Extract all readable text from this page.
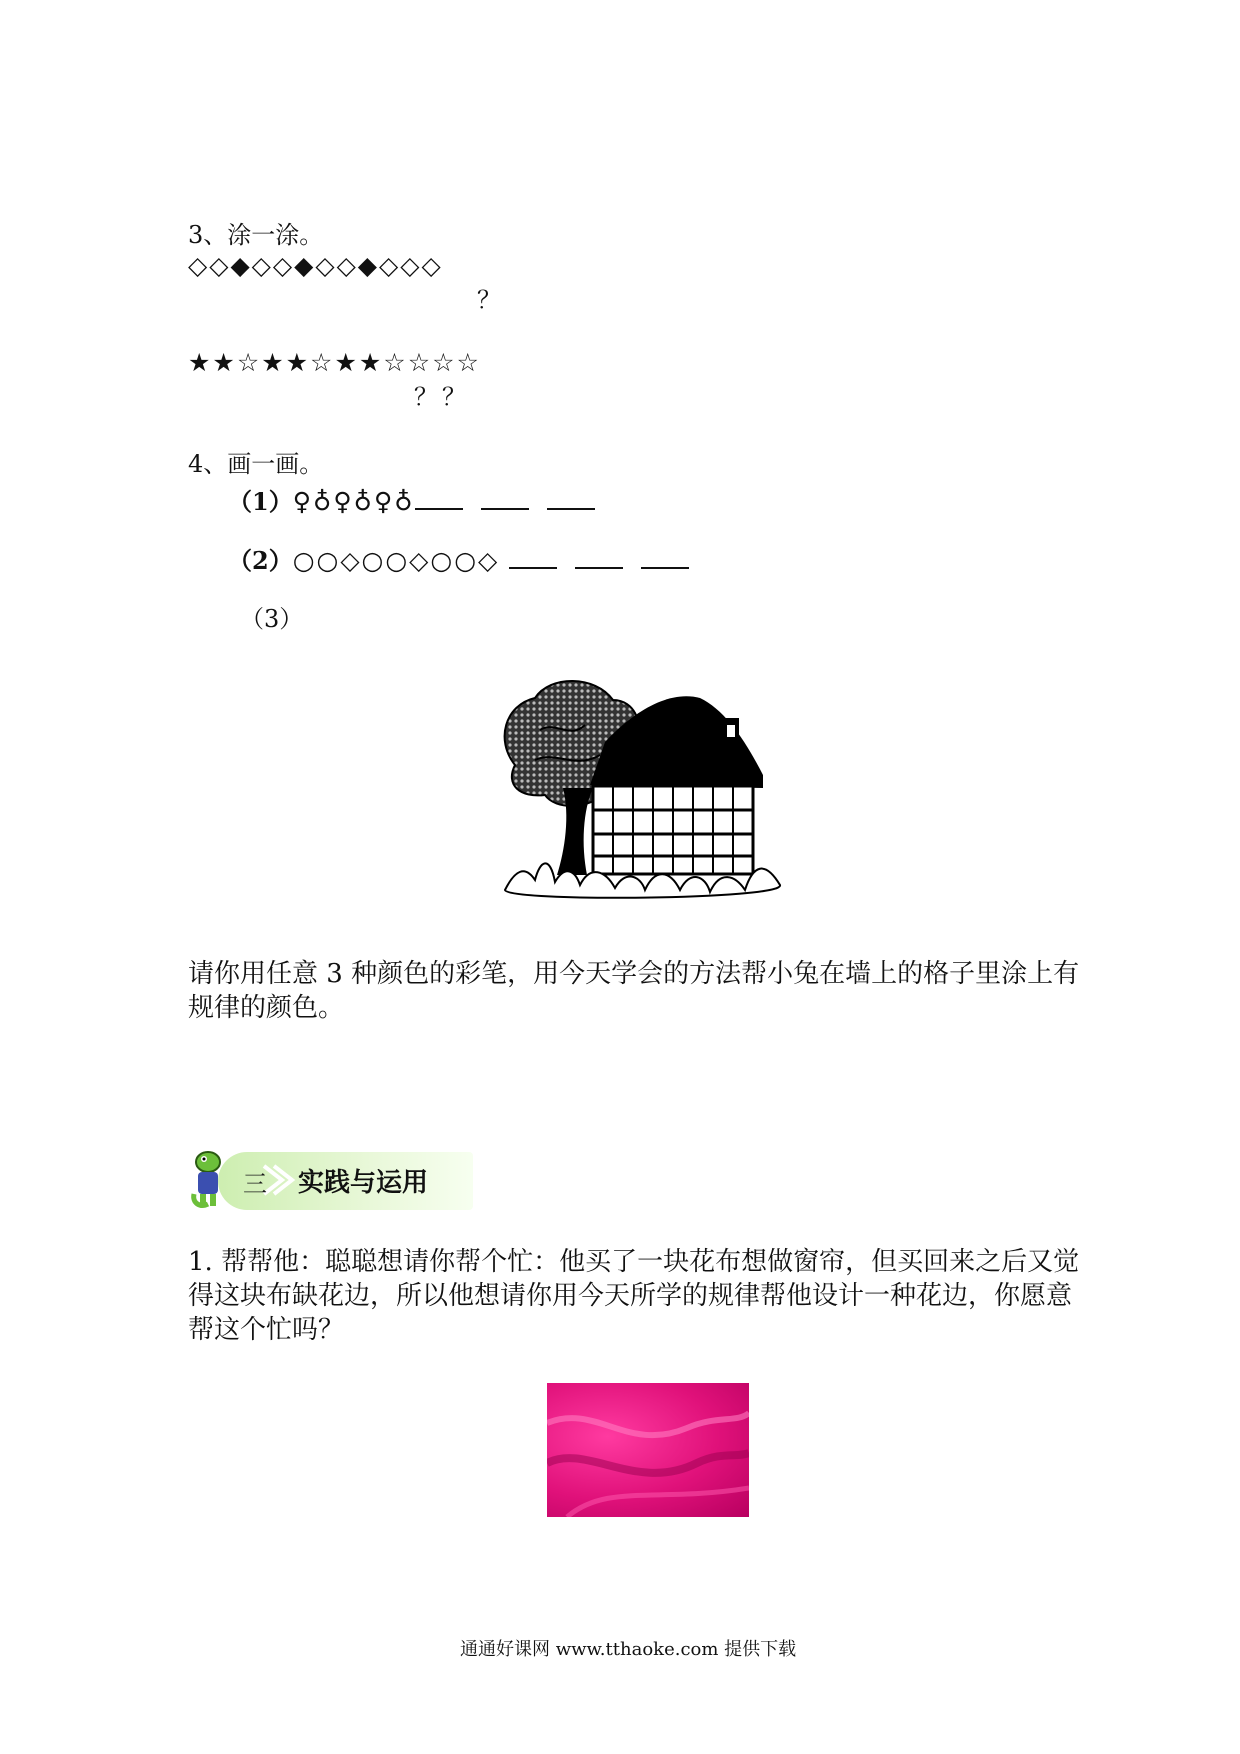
3、涂一涂。
◇◇◆◇◇◆◇◇◆◇◇◇
？
★★☆★★☆★★☆☆☆☆
？？
4、画一画。
（1）♀♁♀♁♀♁
（2）○○◇○○◇○○◇
（3）
请你用任意 3 种颜色的彩笔，用今天学会的方法帮小兔在墙上的格子里涂上有规律的颜色。
三 实践与运用
1. 帮帮他：聪聪想请你帮个忙：他买了一块花布想做窗帘，但买回来之后又觉得这块布缺花边，所以他想请你用今天所学的规律帮他设计一种花边，你愿意帮这个忙吗？
通通好课网 www.tthaoke.com 提供下载
